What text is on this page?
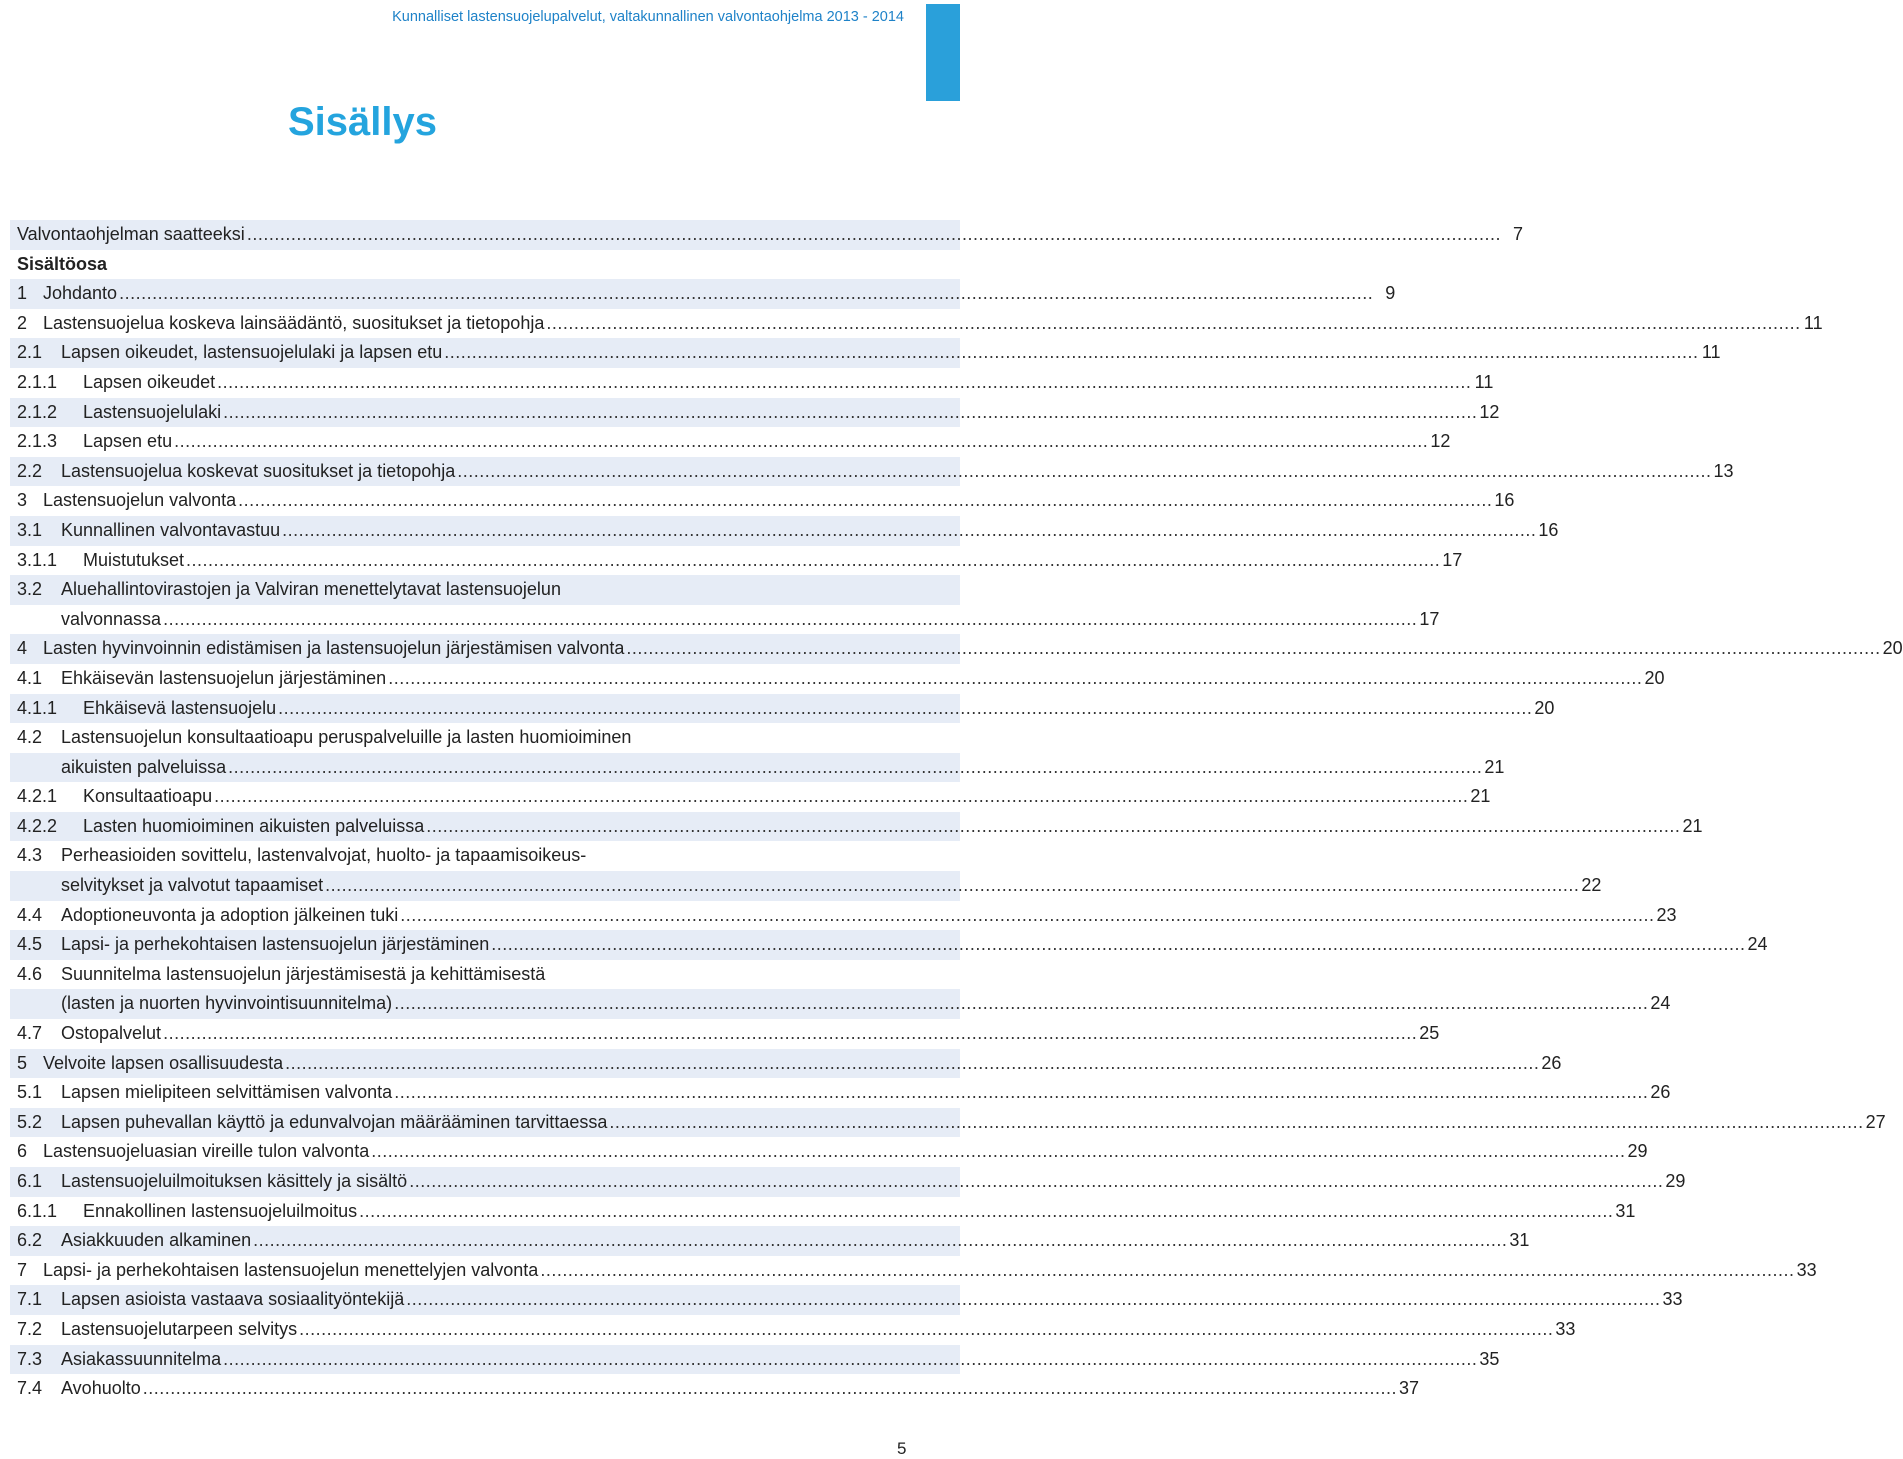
Kunnalliset lastensuojelupalvelut, valtakunnallinen valvontaohjelma 2013 - 2014
Sisällys
Valvontaohjelman saatteeksi .....	7
Sisältöosa
1 Johdanto .....	9
2 Lastensuojelua koskeva lainsäädäntö, suositukset ja tietopohja .....	11
2.1	Lapsen oikeudet, lastensuojelulaki ja lapsen etu .....	11
2.1.1	Lapsen oikeudet .....	11
2.1.2	Lastensuojelulaki .....	12
2.1.3	Lapsen etu .....	12
2.2	Lastensuojelua koskevat suositukset ja tietopohja .....	13
3 Lastensuojelun valvonta .....	16
3.1	Kunnallinen valvontavastuu .....	16
3.1.1	Muistutukset .....	17
3.2	Aluehallintovirastojen ja Valviran menettelytavat lastensuojelun
valvonnassa .....	17
4 Lasten hyvinvoinnin edistämisen ja lastensuojelun järjestämisen valvonta .....	20
4.1	Ehkäisevän lastensuojelun järjestäminen .....	20
4.1.1	Ehkäisevä lastensuojelu .....	20
4.2	Lastensuojelun konsultaatioapu peruspalveluille ja lasten huomioiminen
aikuisten palveluissa .....	21
4.2.1	Konsultaatioapu .....	21
4.2.2	Lasten huomioiminen aikuisten palveluissa .....	21
4.3	Perheasioiden sovittelu, lastenvalvojat, huolto- ja tapaamisoikeus-
selvitykset ja valvotut tapaamiset .....	22
4.4	Adoptioneuvonta ja adoption jälkeinen tuki .....	23
4.5	Lapsi- ja perhekohtaisen lastensuojelun järjestäminen .....	24
4.6	Suunnitelma lastensuojelun järjestämisestä ja kehittämisestä
(lasten ja nuorten hyvinvointisuunnitelma) .....	24
4.7	Ostopalvelut .....	25
5 Velvoite lapsen osallisuudesta .....	26
5.1	Lapsen mielipiteen selvittämisen valvonta .....	26
5.2	Lapsen puhevallan käyttö ja edunvalvojan määrääminen tarvittaessa .....	27
6 Lastensuojeluasian vireille tulon valvonta .....	29
6.1	Lastensuojeluilmoituksen käsittely ja sisältö .....	29
6.1.1	Ennakollinen lastensuojeluilmoitus .....	31
6.2	Asiakkuuden alkaminen .....	31
7 Lapsi- ja perhekohtaisen lastensuojelun menettelyjen valvonta .....	33
7.1	Lapsen asioista vastaava sosiaalityöntekijä .....	33
7.2	Lastensuojelutarpeen selvitys .....	33
7.3	Asiakassuunnitelma .....	35
7.4	Avohuolto .....	37
5
